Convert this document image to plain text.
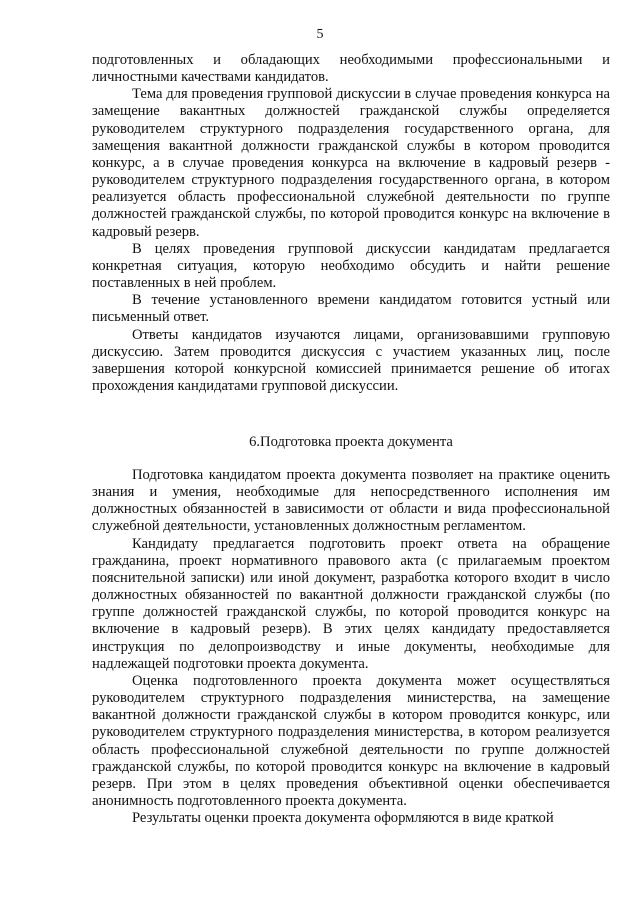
5

подготовленных и обладающих необходимыми профессиональными и личностными качествами кандидатов.

Тема для проведения групповой дискуссии в случае проведения конкурса на замещение вакантных должностей гражданской службы определяется руководителем структурного подразделения государственного органа, для замещения вакантной должности гражданской службы в котором проводится конкурс, а в случае проведения конкурса на включение в кадровый резерв - руководителем структурного подразделения государственного органа, в котором реализуется область профессиональной служебной деятельности по группе должностей гражданской службы, по которой проводится конкурс на включение в кадровый резерв.

В целях проведения групповой дискуссии кандидатам предлагается конкретная ситуация, которую необходимо обсудить и найти решение поставленных в ней проблем.

В течение установленного времени кандидатом готовится устный или письменный ответ.

Ответы кандидатов изучаются лицами, организовавшими групповую дискуссию. Затем проводится дискуссия с участием указанных лиц, после завершения которой конкурсной комиссией принимается решение об итогах прохождения кандидатами групповой дискуссии.

6.Подготовка проекта документа

Подготовка кандидатом проекта документа позволяет на практике оценить знания и умения, необходимые для непосредственного исполнения им должностных обязанностей в зависимости от области и вида профессиональной служебной деятельности, установленных должностным регламентом.

Кандидату предлагается подготовить проект ответа на обращение гражданина, проект нормативного правового акта (с прилагаемым проектом пояснительной записки) или иной документ, разработка которого входит в число должностных обязанностей по вакантной должности гражданской службы (по группе должностей гражданской службы, по которой проводится конкурс на включение в кадровый резерв). В этих целях кандидату предоставляется инструкция по делопроизводству и иные документы, необходимые для надлежащей подготовки проекта документа.

Оценка подготовленного проекта документа может осуществляться руководителем структурного подразделения министерства, на замещение вакантной должности гражданской службы в котором проводится конкурс, или руководителем структурного подразделения министерства, в котором реализуется область профессиональной служебной деятельности по группе должностей гражданской службы, по которой проводится конкурс на включение в кадровый резерв. При этом в целях проведения объективной оценки обеспечивается анонимность подготовленного проекта документа.

Результаты оценки проекта документа оформляются в виде краткой
